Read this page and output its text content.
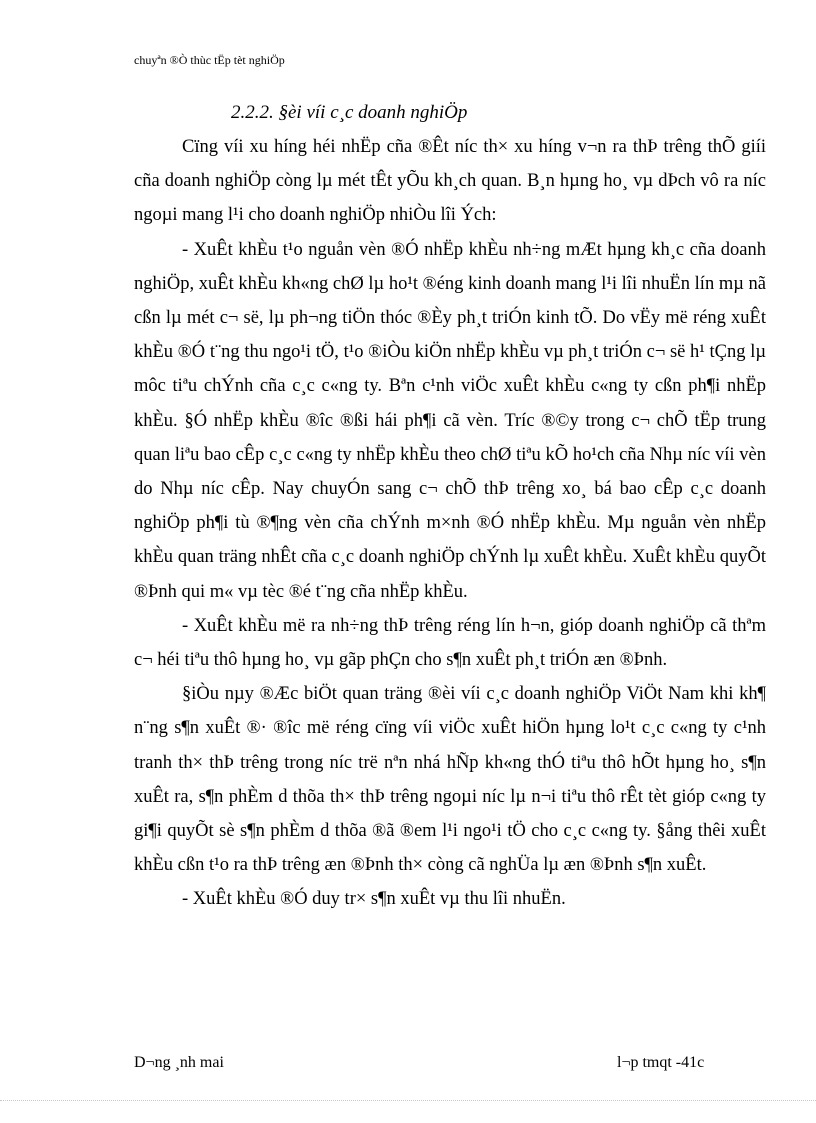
chuyªn ®Ò thùc tËp tèt nghiÖp
2.2.2. §èi víi c¸c doanh nghiÖp

Cïng víi xu híng héi nhËp cña ®Êt níc th× xu híng v¬n ra thÞ trêng thÕ giíi cña doanh nghiÖp còng lµ mét tÊt yÕu kh¸ch quan. B¸n hµng ho¸ vµ dÞch vô ra níc ngoµi mang l¹i cho doanh nghiÖp nhiÒu lîi Ých:

- XuÊt khÈu t¹o nguån vèn ®Ó nhËp khÈu nh÷ng mÆt hµng kh¸c cña doanh nghiÖp, xuÊt khÈu kh«ng chØ lµ ho¹t ®éng kinh doanh mang l¹i lîi nhuËn lín mµ nã cßn lµ mét c¬ së, lµ ph¬ng tiÖn thóc ®Èy ph¸t triÓn kinh tÕ. Do vËy më réng xuÊt khÈu ®Ó t¨ng thu ngo¹i tÖ, t¹o ®iÒu kiÖn nhËp khÈu vµ ph¸t triÓn c¬ së h¹ tÇng lµ môc tiªu chÝnh cña c¸c c«ng ty. Bªn c¹nh viÖc xuÊt khÈu c«ng ty cßn ph¶i nhËp khÈu. §Ó nhËp khÈu ®îc ®ßi hái ph¶i cã vèn. Tríc ®©y trong c¬ chÕ tËp trung quan liªu bao cÊp c¸c c«ng ty nhËp khÈu theo chØ tiªu kÕ ho¹ch cña Nhµ níc víi vèn do Nhµ níc cÊp. Nay chuyÓn sang c¬ chÕ thÞ trêng xo¸ bá bao cÊp c¸c doanh nghiÖp ph¶i tù ®¶ng vèn cña chÝnh m×nh ®Ó nhËp khÈu. Mµ nguån vèn nhËp khÈu quan träng nhÊt cña c¸c doanh nghiÖp chÝnh lµ xuÊt khÈu. XuÊt khÈu quyÕt ®Þnh qui m« vµ tèc ®é t¨ng cña nhËp khÈu.

- XuÊt khÈu më ra nh÷ng thÞ trêng réng lín h¬n, gióp doanh nghiÖp cã thªm c¬ héi tiªu thô hµng ho¸ vµ gãp phÇn cho s¶n xuÊt ph¸t triÓn æn ®Þnh.

§iÒu nµy ®Æc biÖt quan träng ®èi víi c¸c doanh nghiÖp ViÖt Nam khi kh¶ n¨ng s¶n xuÊt ®· ®îc më réng cïng víi viÖc xuÊt hiÖn hµng lo¹t c¸c c«ng ty c¹nh tranh th× thÞ trêng trong níc trë nªn nhá hÑp kh«ng thÓ tiªu thô hÕt hµng ho¸ s¶n xuÊt ra, s¶n phÈm d thõa th× thÞ trêng ngoµi níc lµ n¬i tiªu thô rÊt tèt gióp c«ng ty gi¶i quyÕt sè s¶n phÈm d thõa ®ã ®em l¹i ngo¹i tÖ cho c¸c c«ng ty. §ång thêi xuÊt khÈu cßn t¹o ra thÞ trêng æn ®Þnh th× còng cã nghÜa lµ æn ®Þnh s¶n xuÊt.

- XuÊt khÈu ®Ó duy tr× s¶n xuÊt vµ thu lîi nhuËn.

D¬ng ¸nh mai	l¬p tmqt -41c
